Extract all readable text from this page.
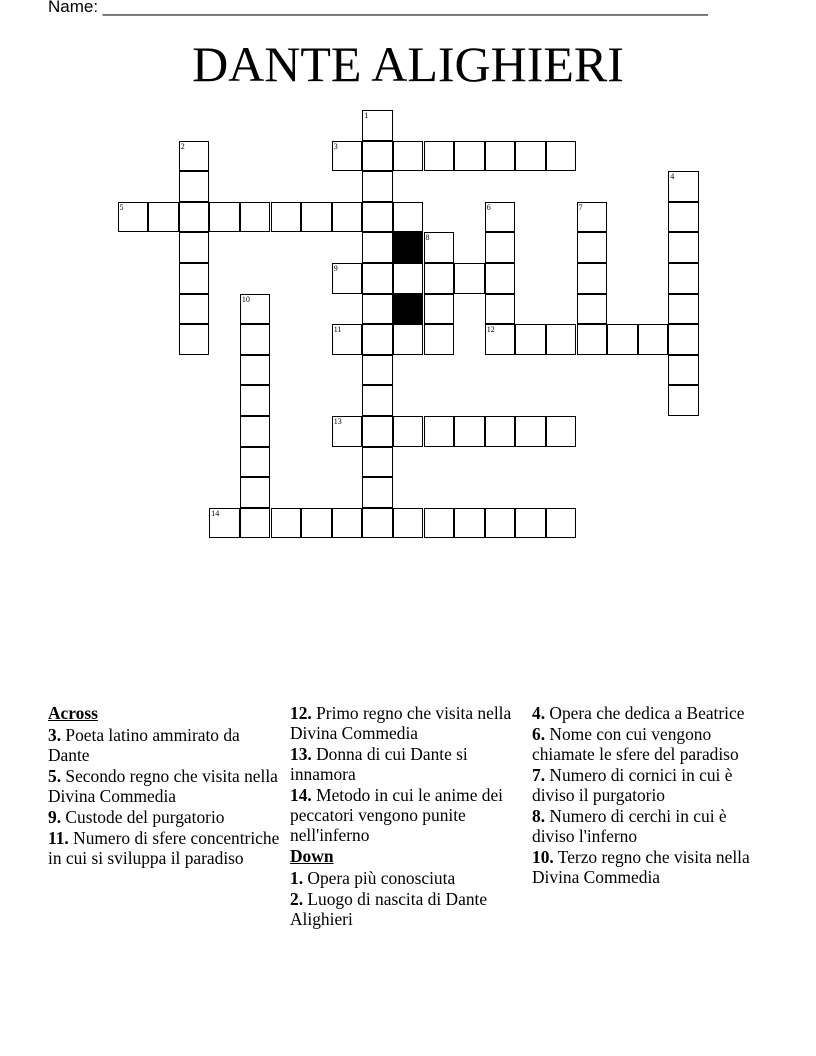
Name: ________________________________________________________________
DANTE ALIGHIERI
1
2	3
4
5	6
12
7
8
9
10
11
13
14
Across
3. Poeta latino ammirato da Dante
5. Secondo regno che visita nella Divina Commedia
9. Custode del purgatorio
11. Numero di sfere concentriche in cui si sviluppa il paradiso
12. Primo regno che visita nella Divina Commedia
13. Donna di cui Dante si innamora
14. Metodo in cui le anime dei peccatori vengono punite nell'inferno
Down
1. Opera più conosciuta
2. Luogo di nascita di Dante Alighieri
4. Opera che dedica a Beatrice
6. Nome con cui vengono chiamate le sfere del paradiso
7. Numero di cornici in cui è diviso il purgatorio
8. Numero di cerchi in cui è diviso l'inferno
10. Terzo regno che visita nella Divina Commedia
